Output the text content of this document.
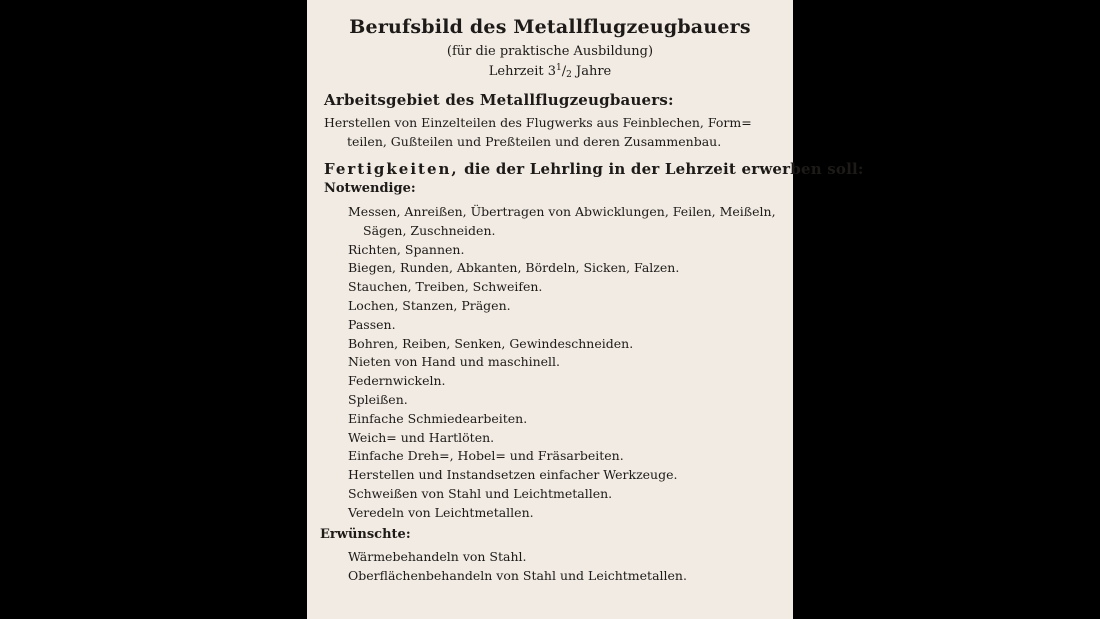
Berufsbild des Metallflugzeugbauers

(für die praktische Ausbildung)

Lehrzeit $3^1/_2$ Jahre

Arbeitsgebiet des Metallflugzeugbauers:

Herstellen von Einzelteilen des Flugwerks aus Feinblechen, Form=
teilen, Gußteilen und Preßteilen und deren Zusammenbau.

Fertigkeiten, die der Lehrling in der Lehrzeit erwerben soll:

Notwendige:

Messen, Anreißen, Übertragen von Abwicklungen, Feilen, Meißeln, Sägen, Zuschneiden.
Richten, Spannen.
Biegen, Runden, Abkanten, Bördeln, Sicken, Falzen.
Stauchen, Treiben, Schweifen.
Lochen, Stanzen, Prägen.
Passen.
Bohren, Reiben, Senken, Gewindeschneiden.
Nieten von Hand und maschinell.
Federnwickeln.
Spleißen.
Einfache Schmiedearbeiten.
Weich= und Hartlöten.
Einfache Dreh=, Hobel= und Fräsarbeiten.
Herstellen und Instandsetzen einfacher Werkzeuge.
Schweißen von Stahl und Leichtmetallen.
Veredeln von Leichtmetallen.

Erwünschte:

Wärmebehandeln von Stahl.
Oberflächenbehandeln von Stahl und Leichtmetallen.
